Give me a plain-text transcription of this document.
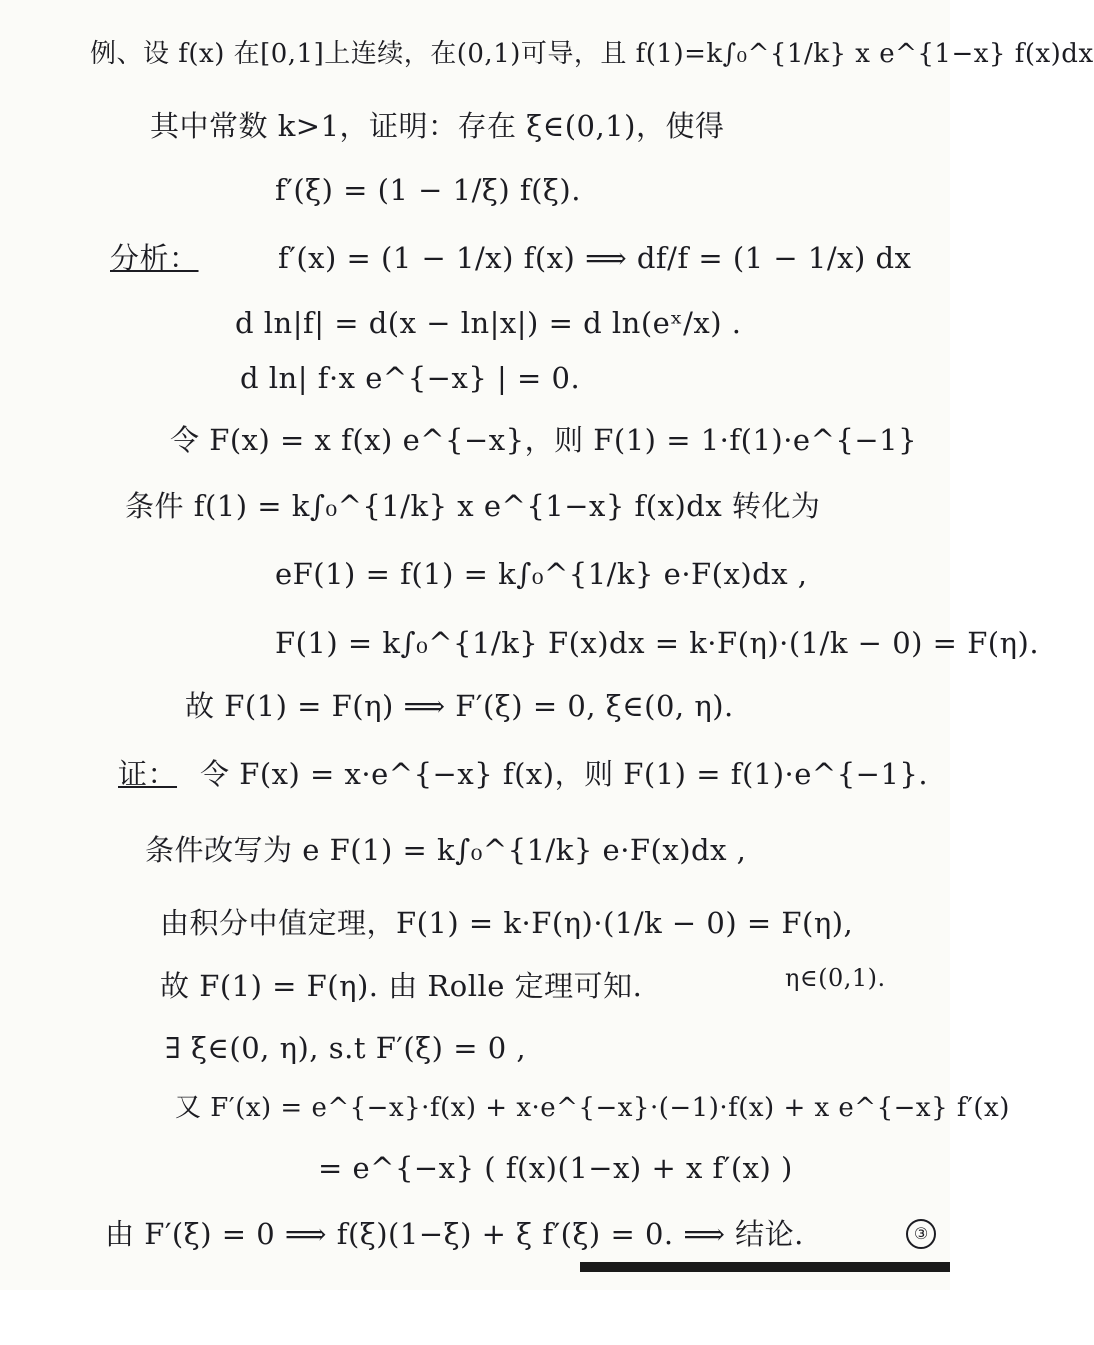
例、设 f(x) 在[0,1]上连续，在(0,1)可导，且 f(1)=k∫₀^{1/k} x e^{1−x} f(x)dx
其中常数 k>1，证明：存在 ξ∈(0,1)，使得
f′(ξ) = (1 − 1/ξ) f(ξ).
分析：	f′(x) = (1 − 1/x) f(x) ⟹ df/f = (1 − 1/x) dx
d ln|f| = d(x − ln|x|) = d ln(eˣ/x) .
d ln| f·x e^{−x} | = 0.
令 F(x) = x f(x) e^{−x}，则 F(1) = 1·f(1)·e^{−1}
条件 f(1) = k∫₀^{1/k} x e^{1−x} f(x)dx 转化为
eF(1) = f(1) = k∫₀^{1/k} e·F(x)dx ,
F(1) = k∫₀^{1/k} F(x)dx = k·F(η)·(1/k − 0) = F(η).
故 F(1) = F(η) ⟹ F′(ξ) = 0, ξ∈(0, η).
证： 令 F(x) = x·e^{−x} f(x)，则 F(1) = f(1)·e^{−1}.
条件改写为 e F(1) = k∫₀^{1/k} e·F(x)dx ,
由积分中值定理，F(1) = k·F(η)·(1/k − 0) = F(η),
故 F(1) = F(η). 由 Rolle 定理可知.	η∈(0,1).
∃ ξ∈(0, η), s.t F′(ξ) = 0 ,
又 F′(x) = e^{−x}·f(x) + x·e^{−x}·(−1)·f(x) + x e^{−x} f′(x)
= e^{−x} ( f(x)(1−x) + x f′(x) )
由 F′(ξ) = 0 ⟹ f(ξ)(1−ξ) + ξ f′(ξ) = 0. ⟹ 结论.	③
